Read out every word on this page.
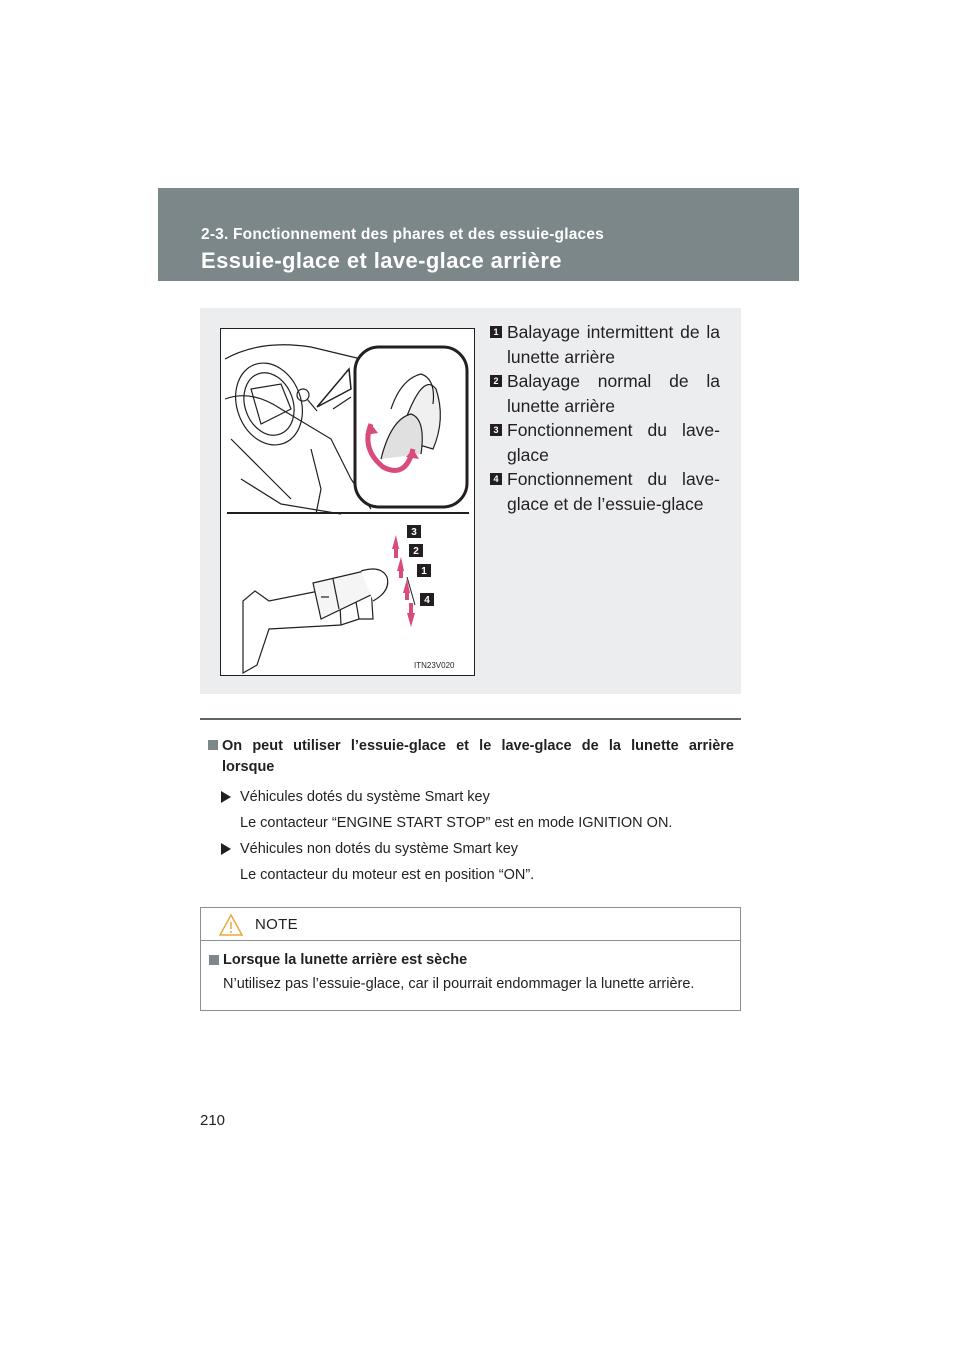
2-3. Fonctionnement des phares et des essuie-glaces
Essuie-glace et lave-glace arrière
3
2
1
4
ITN23V020
1 Balayage intermittent de la
lunette arrière
2 Balayage normal de la
lunette arrière
3 Fonctionnement du lave-
glace
4 Fonctionnement du lave-
glace et de l’essuie-glace
On peut utiliser l’essuie-glace et le lave-glace de la lunette arrière
lorsque
Véhicules dotés du système Smart key
Le contacteur “ENGINE START STOP” est en mode IGNITION ON.
Véhicules non dotés du système Smart key
Le contacteur du moteur est en position “ON”.
NOTE
Lorsque la lunette arrière est sèche
N’utilisez pas l’essuie-glace, car il pourrait endommager la lunette arrière.
210
